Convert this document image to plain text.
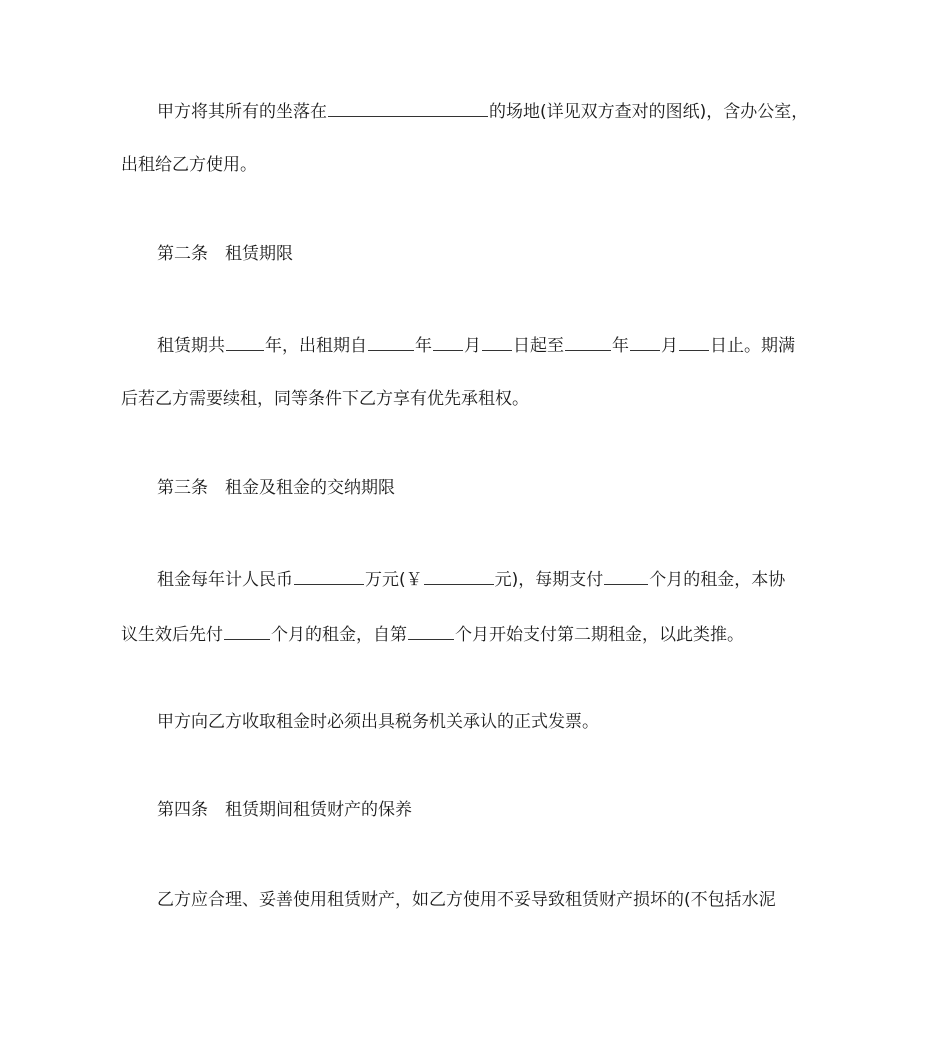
甲方将其所有的坐落在	的场地(详见双方查对的图纸)，含办公室，
出租给乙方使用。
第二条 租赁期限
租赁期共 年，出租期自	年 月 日起至	年 月 日止。期满
后若乙方需要续租，同等条件下乙方享有优先承租权。
第三条 租金及租金的交纳期限
租金每年计人民币	万元(￥	元)，每期支付	个月的租金，本协
议生效后先付	个月的租金，自第	个月开始支付第二期租金，以此类推。
甲方向乙方收取租金时必须出具税务机关承认的正式发票。
第四条 租赁期间租赁财产的保养
乙方应合理、妥善使用租赁财产，如乙方使用不妥导致租赁财产损坏的(不包括水泥
